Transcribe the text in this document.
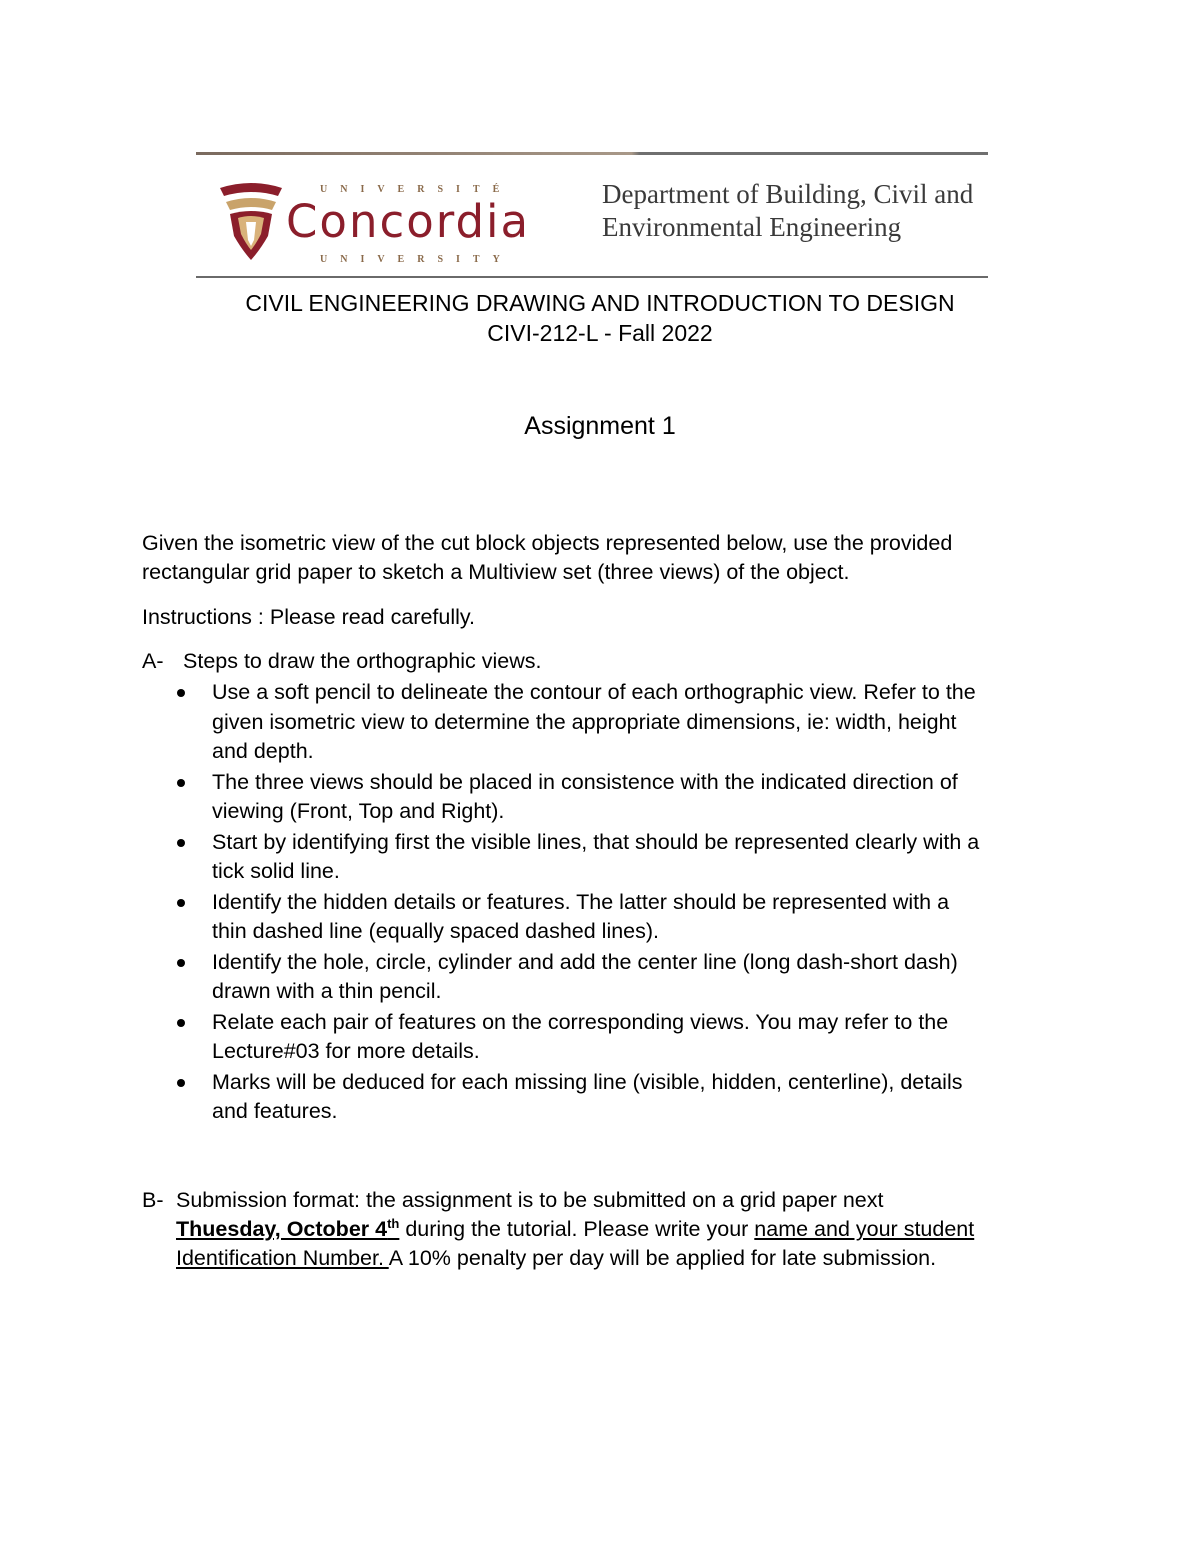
UNIVERSITÉ
Concordia
UNIVERSITY
Department of Building, Civil and
Environmental Engineering
CIVIL ENGINEERING DRAWING AND INTRODUCTION TO DESIGN
CIVI-212-L - Fall 2022
Assignment 1
Given the isometric view of the cut block objects represented below, use the provided
rectangular grid paper to sketch a Multiview set (three views) of the object.
Instructions : Please read carefully.
A- Steps to draw the orthographic views.
Use a soft pencil to delineate the contour of each orthographic view. Refer to the
given isometric view to determine the appropriate dimensions, ie: width, height
and depth.
The three views should be placed in consistence with the indicated direction of
viewing (Front, Top and Right).
Start by identifying first the visible lines, that should be represented clearly with a
tick solid line.
Identify the hidden details or features. The latter should be represented with a
thin dashed line (equally spaced dashed lines).
Identify the hole, circle, cylinder and add the center line (long dash-short dash)
drawn with a thin pencil.
Relate each pair of features on the corresponding views. You may refer to the
Lecture#03 for more details.
Marks will be deduced for each missing line (visible, hidden, centerline), details
and features.
B- Submission format: the assignment is to be submitted on a grid paper next
Thuesday, October 4th during the tutorial. Please write your name and your student
Identification Number. A 10% penalty per day will be applied for late submission.
